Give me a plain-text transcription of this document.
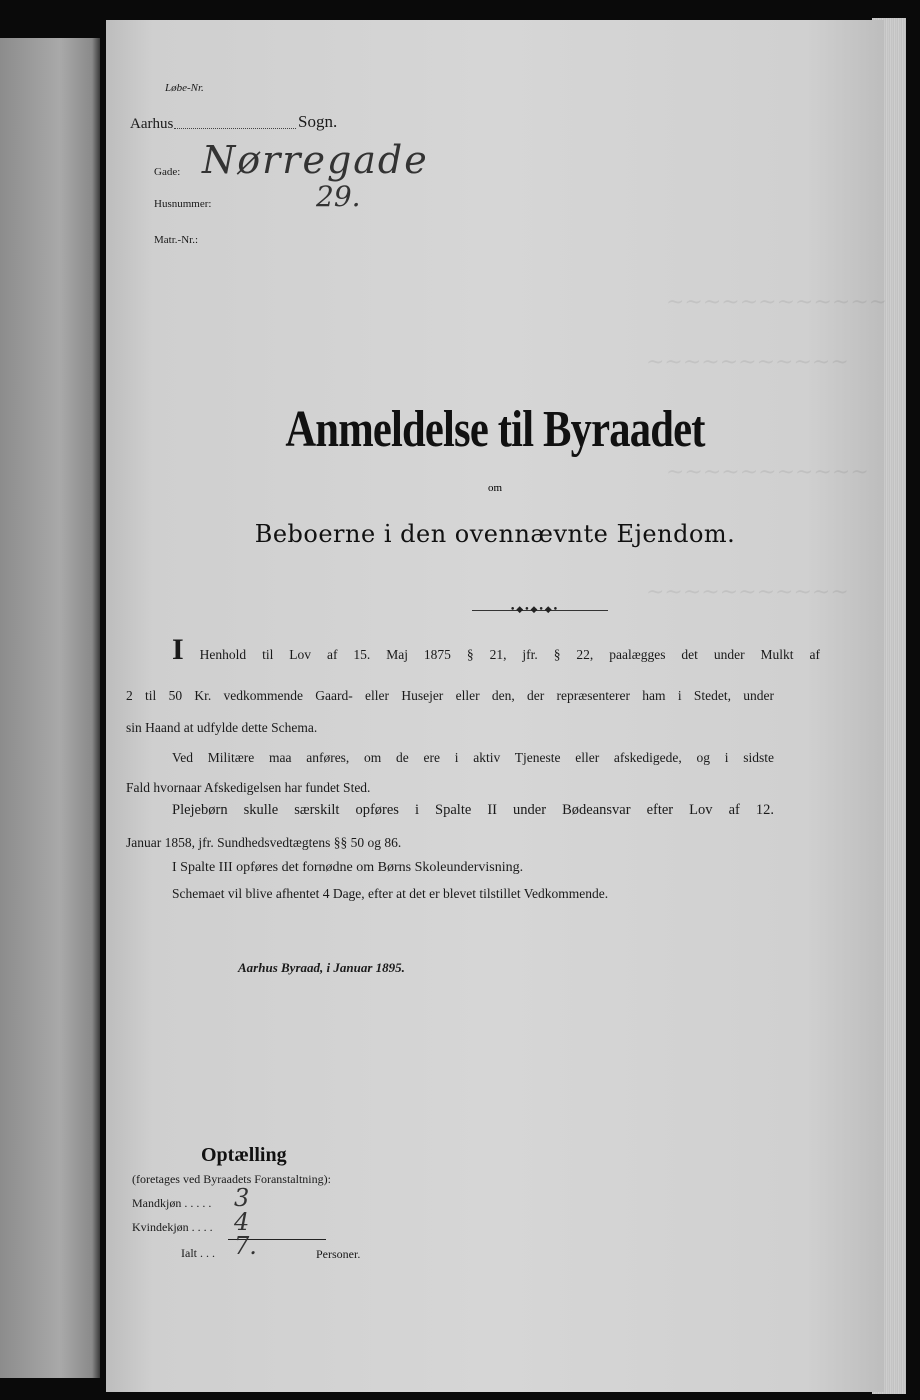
~~~~~~~~~~~~
~~~~~~~~~~~
~~~~~~~~~~~
~~~~~~~~~~~
Løbe-Nr.
Aarhus	Sogn.
Gade: Nørregade
Husnummer:	29.
Matr.-Nr.:
Anmeldelse til Byraadet
om
Beboerne i den ovennævnte Ejendom.
•◆•◆•◆•
I Henhold til Lov af 15. Maj 1875 § 21, jfr. § 22, paalægges det under Mulkt af
2 til 50 Kr. vedkommende Gaard- eller Husejer eller den, der repræsenterer ham i Stedet, under
sin Haand at udfylde dette Schema.
Ved Militære maa anføres, om de ere i aktiv Tjeneste eller afskedigede, og i sidste
Fald hvornaar Afskedigelsen har fundet Sted.
Plejebørn skulle særskilt opføres i Spalte II under Bødeansvar efter Lov af 12.
Januar 1858, jfr. Sundhedsvedtægtens §§ 50 og 86.
I Spalte III opføres det fornødne om Børns Skoleundervisning.
Schemaet vil blive afhentet 4 Dage, efter at det er blevet tilstillet Vedkommende.
Aarhus Byraad, i Januar 1895.
Optælling
(foretages ved Byraadets Foranstaltning):
Mandkjøn . . . . . 3
Kvindekjøn . . . . 4
Ialt . . . 7.	Personer.
